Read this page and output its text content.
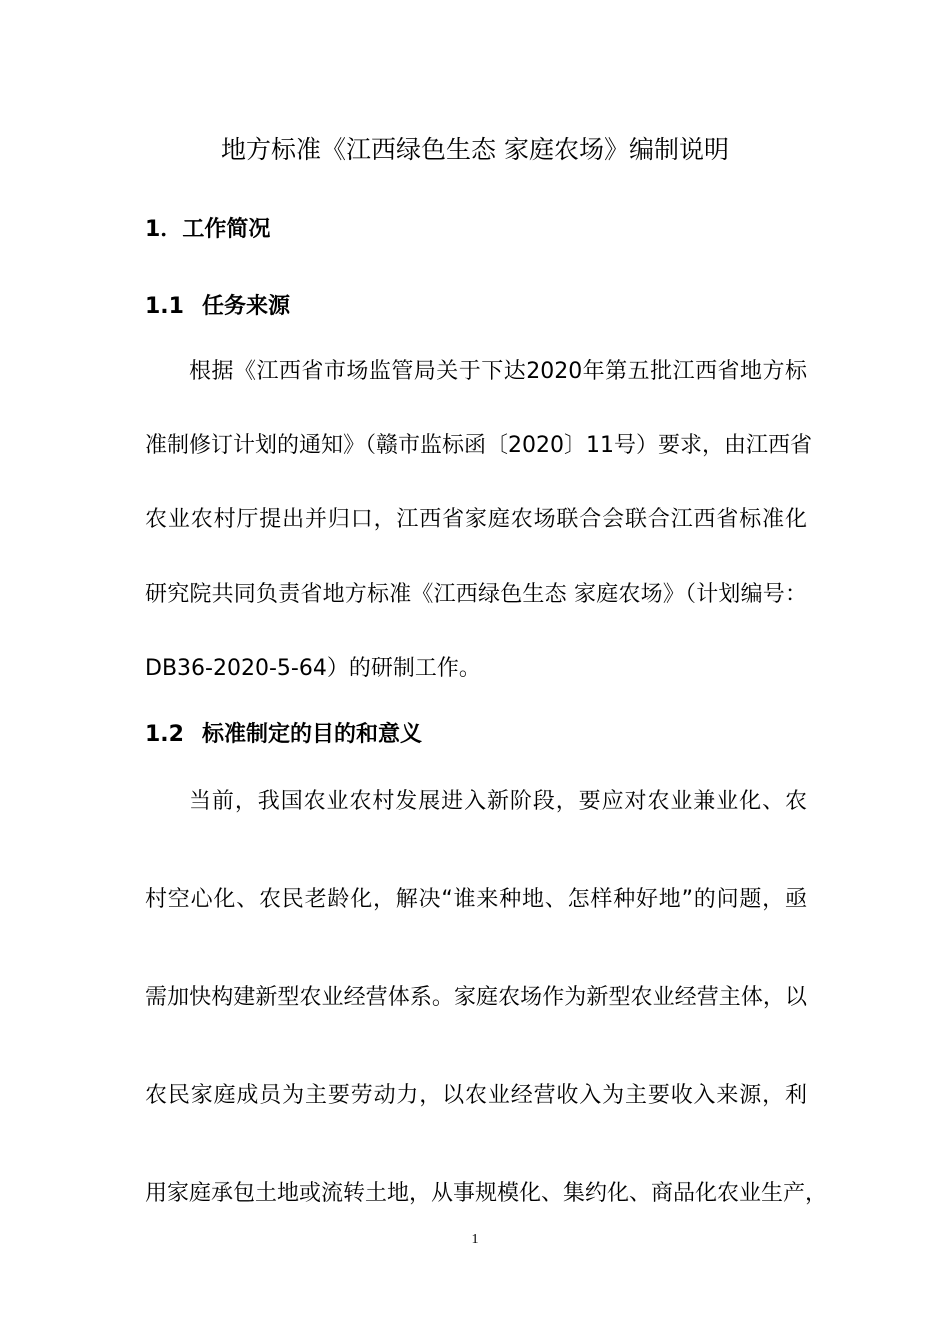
地方标准《江西绿色生态 家庭农场》编制说明
1．工作简况
1.1 任务来源
根据《江西省市场监管局关于下达2020年第五批江西省地方标
准制修订计划的通知》（赣市监标函〔2020〕11号）要求，由江西省
农业农村厅提出并归口，江西省家庭农场联合会联合江西省标准化
研究院共同负责省地方标准《江西绿色生态 家庭农场》（计划编号：
DB36-2020-5-64）的研制工作。
1.2 标准制定的目的和意义
当前，我国农业农村发展进入新阶段，要应对农业兼业化、农
村空心化、农民老龄化，解决“谁来种地、怎样种好地”的问题，亟
需加快构建新型农业经营体系。家庭农场作为新型农业经营主体，以
农民家庭成员为主要劳动力，以农业经营收入为主要收入来源，利
用家庭承包土地或流转土地，从事规模化、集约化、商品化农业生产，
1
